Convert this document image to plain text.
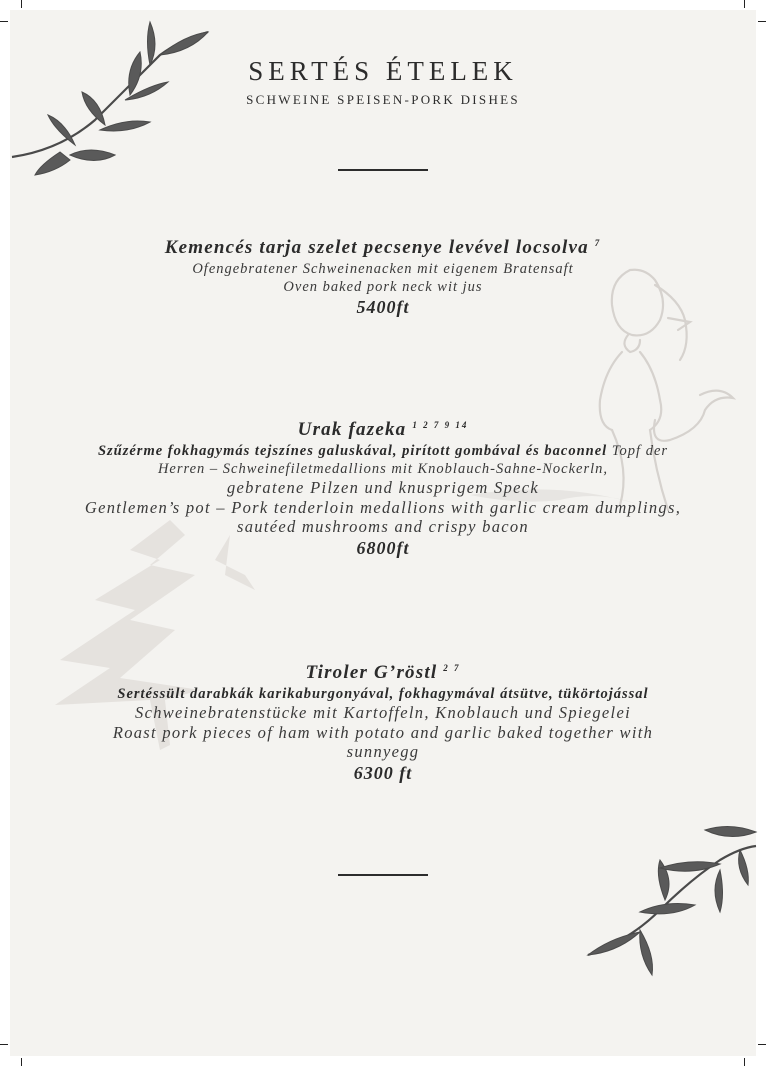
SERTÉS ÉTELEK
SCHWEINE SPEISEN-PORK DISHES
Kemencés tarja szelet pecsenye levével locsolva $^7$
Ofengebratener Schweinenacken mit eigenem Bratensaft
Oven baked pork neck wit jus
5400ft
Urak fazeka $^{1 2 7 9 14}$
Szűzérme fokhagymás tejszínes galuskával, pirított gombával és baconnel Topf der
Herren – Schweinefiletmedallions mit Knoblauch-Sahne-Nockerln,
gebratene Pilzen und knusprigem Speck
Gentlemen’s pot – Pork tenderloin medallions with garlic cream dumplings,
sautéed mushrooms and crispy bacon
6800ft
Tiroler G’röstl $^{2 7}$
Sertéssült darabkák karikaburgonyával, fokhagymával átsütve, tükörtojással
Schweinebratenstücke mit Kartoffeln, Knoblauch und Spiegelei
Roast pork pieces of ham with potato and garlic baked together with
sunnyegg
6300 ft
